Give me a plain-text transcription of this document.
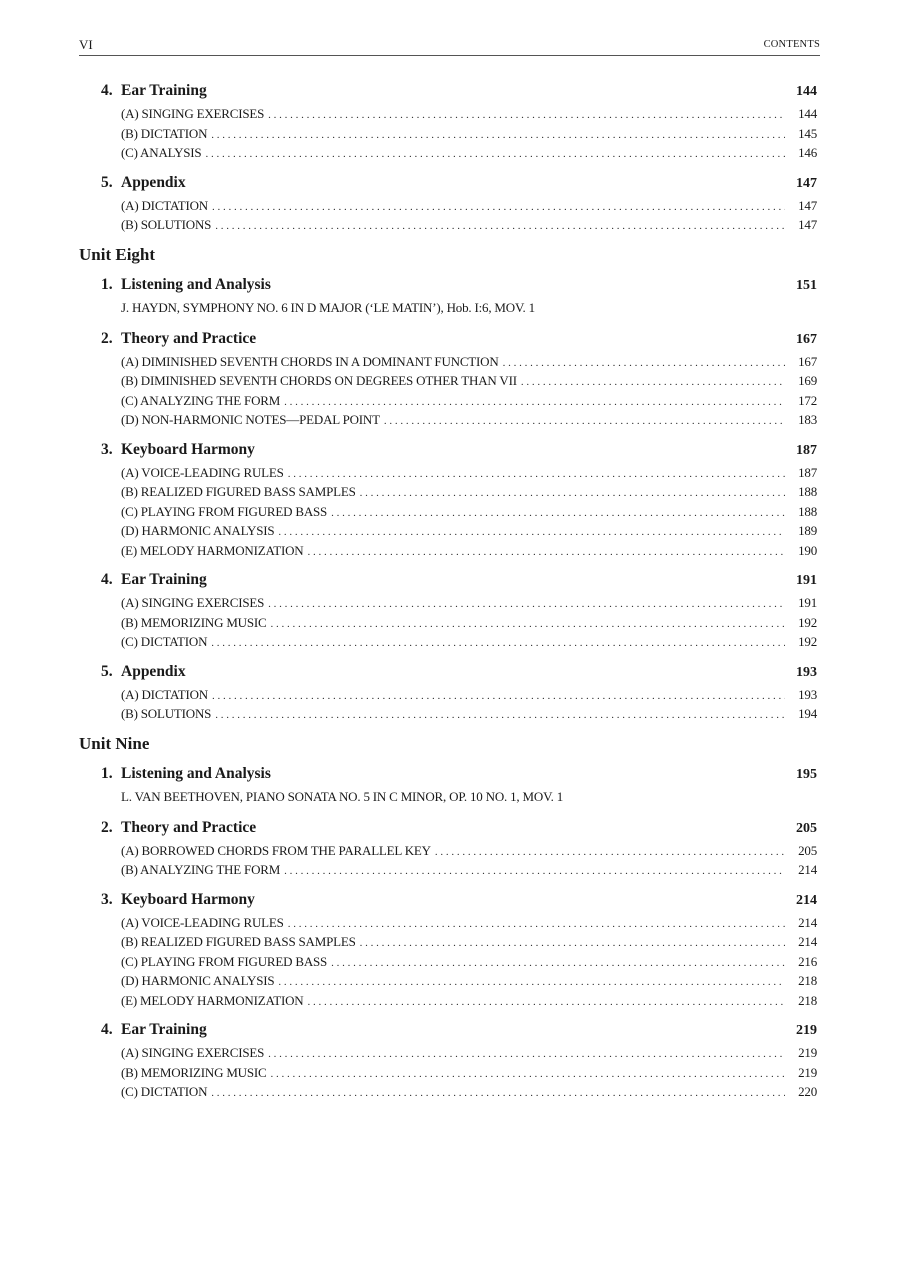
VI	CONTENTS
4. Ear Training	144
(A) SINGING EXERCISES . . .	144
(B) DICTATION . . .	145
(C) ANALYSIS . . .	146
5. Appendix	147
(A) DICTATION . . .	147
(B) SOLUTIONS . . .	147
Unit Eight
1. Listening and Analysis	151
J. HAYDN, SYMPHONY NO. 6 IN D MAJOR (‘LE MATIN’), Hob. I:6, MOV. 1
2. Theory and Practice	167
(A) DIMINISHED SEVENTH CHORDS IN A DOMINANT FUNCTION . . .	167
(B) DIMINISHED SEVENTH CHORDS ON DEGREES OTHER THAN VII . . .	169
(C) ANALYZING THE FORM . . .	172
(D) NON-HARMONIC NOTES—PEDAL POINT . . .	183
3. Keyboard Harmony	187
(A) VOICE-LEADING RULES . . .	187
(B) REALIZED FIGURED BASS SAMPLES . . .	188
(C) PLAYING FROM FIGURED BASS . . .	188
(D) HARMONIC ANALYSIS . . .	189
(E) MELODY HARMONIZATION . . .	190
4. Ear Training	191
(A) SINGING EXERCISES . . .	191
(B) MEMORIZING MUSIC . . .	192
(C) DICTATION . . .	192
5. Appendix	193
(A) DICTATION . . .	193
(B) SOLUTIONS . . .	194
Unit Nine
1. Listening and Analysis	195
L. VAN BEETHOVEN, PIANO SONATA NO. 5 IN C MINOR, OP. 10 NO. 1, MOV. 1
2. Theory and Practice	205
(A) BORROWED CHORDS FROM THE PARALLEL KEY . . .	205
(B) ANALYZING THE FORM . . .	214
3. Keyboard Harmony	214
(A) VOICE-LEADING RULES . . .	214
(B) REALIZED FIGURED BASS SAMPLES . . .	214
(C) PLAYING FROM FIGURED BASS . . .	216
(D) HARMONIC ANALYSIS . . .	218
(E) MELODY HARMONIZATION . . .	218
4. Ear Training	219
(A) SINGING EXERCISES . . .	219
(B) MEMORIZING MUSIC . . .	219
(C) DICTATION . . .	220
